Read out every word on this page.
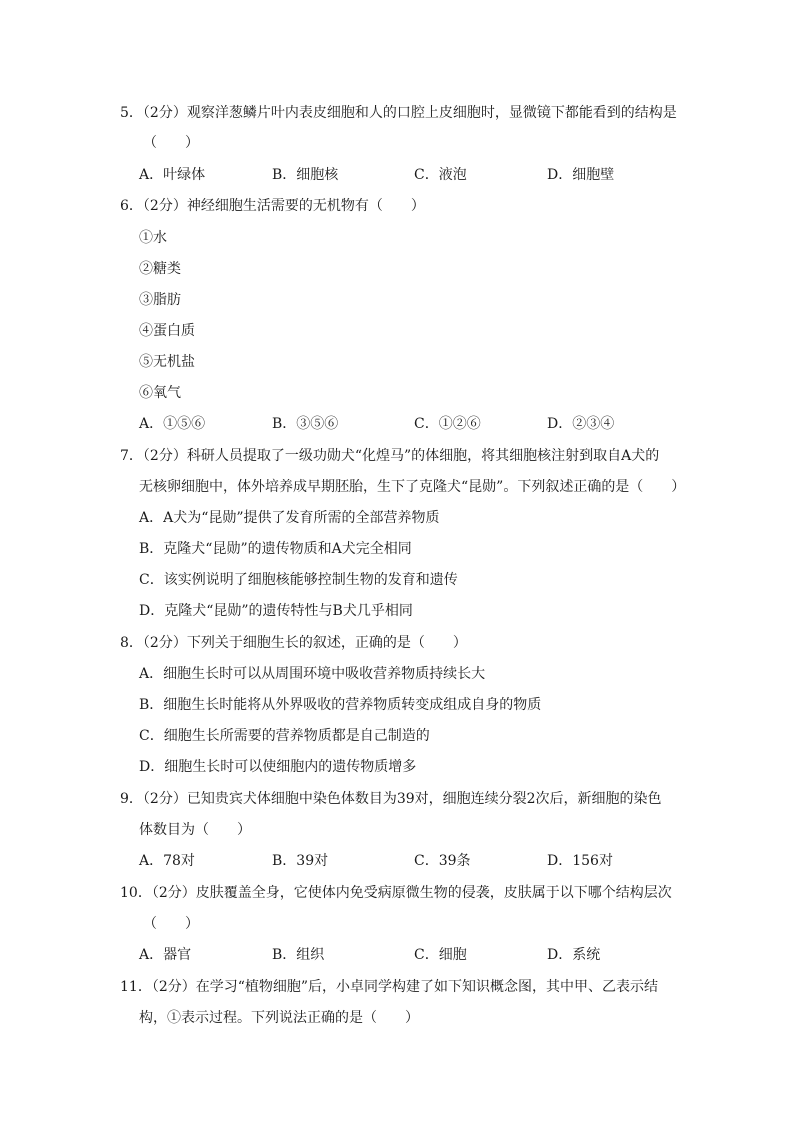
5．（2分）观察洋葱鳞片叶内表皮细胞和人的口腔上皮细胞时，显微镜下都能看到的结构是
（　　）
A．叶绿体	B．细胞核	C．液泡	D．细胞壁
6．（2分）神经细胞生活需要的无机物有（　　）
①水
②糖类
③脂肪
④蛋白质
⑤无机盐
⑥氧气
A．①⑤⑥	B．③⑤⑥	C．①②⑥	D．②③④
7．（2分）科研人员提取了一级功勋犬“化煌马”的体细胞，将其细胞核注射到取自A犬的
无核卵细胞中，体外培养成早期胚胎，生下了克隆犬“昆勋”。下列叙述正确的是（　　）
A．A犬为“昆勋”提供了发育所需的全部营养物质
B．克隆犬“昆勋”的遗传物质和A犬完全相同
C．该实例说明了细胞核能够控制生物的发育和遗传
D．克隆犬“昆勋”的遗传特性与B犬几乎相同
8．（2分）下列关于细胞生长的叙述，正确的是（　　）
A．细胞生长时可以从周围环境中吸收营养物质持续长大
B．细胞生长时能将从外界吸收的营养物质转变成组成自身的物质
C．细胞生长所需要的营养物质都是自己制造的
D．细胞生长时可以使细胞内的遗传物质增多
9．（2分）已知贵宾犬体细胞中染色体数目为39对，细胞连续分裂2次后，新细胞的染色
体数目为（　　）
A．78对	B．39对	C．39条	D．156对
10．（2分）皮肤覆盖全身，它使体内免受病原微生物的侵袭，皮肤属于以下哪个结构层次
（　　）
A．器官	B．组织	C．细胞	D．系统
11．（2分）在学习“植物细胞”后，小卓同学构建了如下知识概念图，其中甲、乙表示结
构，①表示过程。下列说法正确的是（　　）
